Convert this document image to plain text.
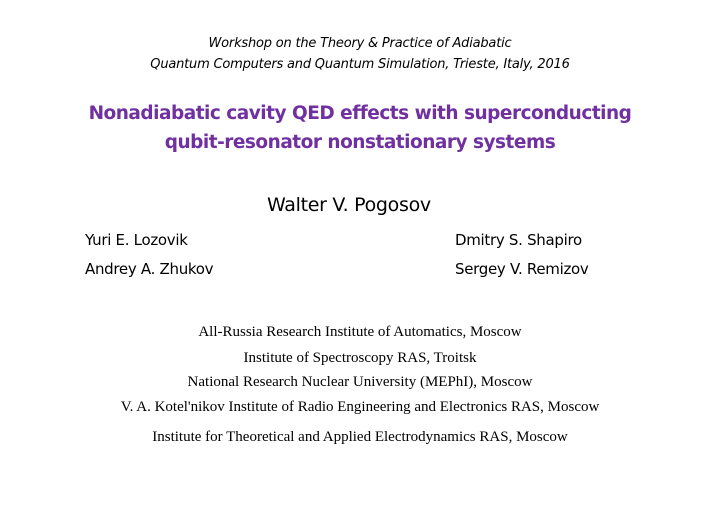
Workshop on the Theory & Practice of Adiabatic
Quantum Computers and Quantum Simulation, Trieste, Italy, 2016
Nonadiabatic cavity QED effects with superconducting
qubit-resonator nonstationary systems
Walter V. Pogosov
Yuri E. Lozovik
Andrey A. Zhukov
Dmitry S. Shapiro
Sergey V. Remizov
All-Russia Research Institute of Automatics, Moscow
Institute of Spectroscopy RAS, Troitsk
National Research Nuclear University (MEPhI), Moscow
V. A. Kotel'nikov Institute of Radio Engineering and Electronics RAS, Moscow
Institute for Theoretical and Applied Electrodynamics RAS, Moscow
